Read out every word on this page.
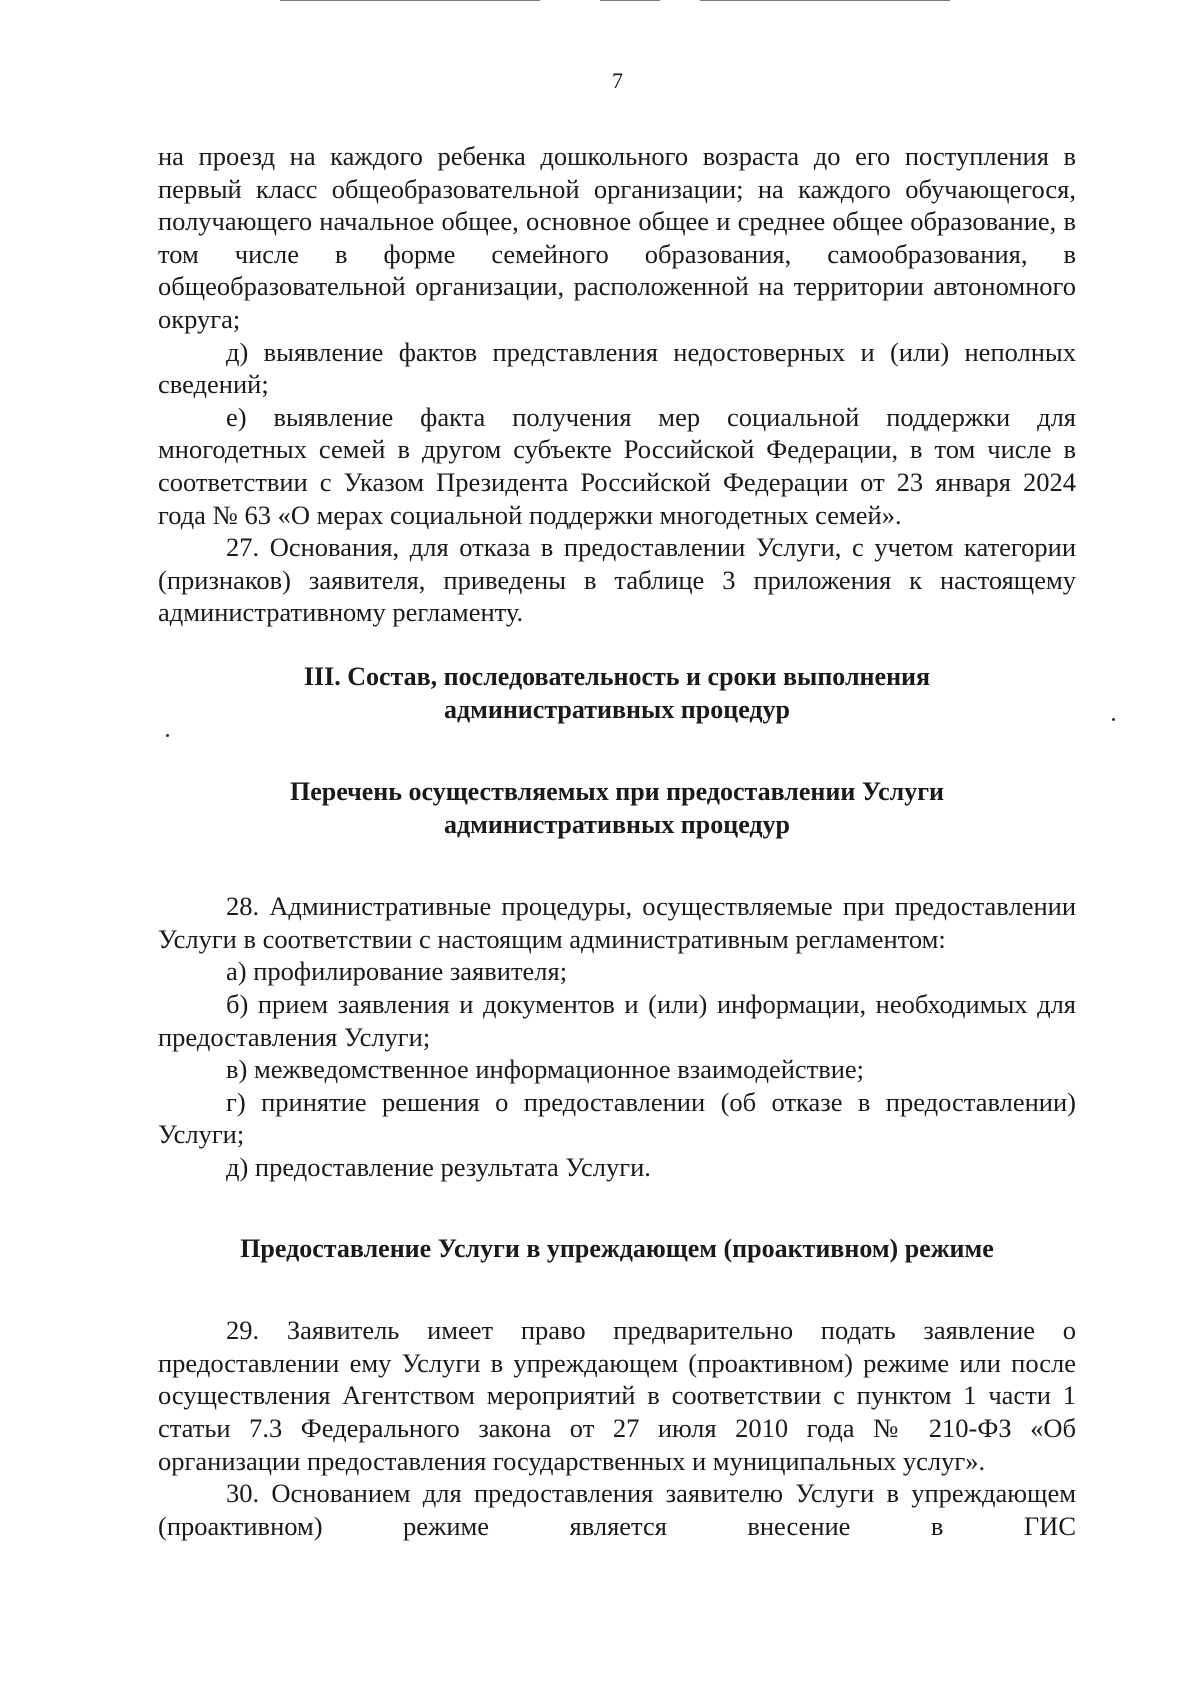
7

на проезд на каждого ребенка дошкольного возраста до его поступления в первый класс общеобразовательной организации; на каждого обучающегося, получающего начальное общее, основное общее и среднее общее образование, в том числе в форме семейного образования, самообразования, в общеобразовательной организации, расположенной на территории автономного округа;

д) выявление фактов представления недостоверных и (или) неполных сведений;

е) выявление факта получения мер социальной поддержки для многодетных семей в другом субъекте Российской Федерации, в том числе в соответствии с Указом Президента Российской Федерации от 23 января 2024 года № 63 «О мерах социальной поддержки многодетных семей».

27. Основания, для отказа в предоставлении Услуги, с учетом категории (признаков) заявителя, приведены в таблице 3 приложения к настоящему административному регламенту.

III. Состав, последовательность и сроки выполнения

административных процедур

Перечень осуществляемых при предоставлении Услуги

административных процедур

28. Административные процедуры, осуществляемые при предоставлении Услуги в соответствии с настоящим административным регламентом:

а) профилирование заявителя;

б) прием заявления и документов и (или) информации, необходимых для предоставления Услуги;

в) межведомственное информационное взаимодействие;

г) принятие решения о предоставлении (об отказе в предоставлении) Услуги;

д) предоставление результата Услуги.

Предоставление Услуги в упреждающем (проактивном) режиме

29. Заявитель имеет право предварительно подать заявление о предоставлении ему Услуги в упреждающем (проактивном) режиме или после осуществления Агентством мероприятий в соответствии с пунктом 1 части 1 статьи 7.3 Федерального закона от 27 июля 2010 года № 210-ФЗ «Об организации предоставления государственных и муниципальных услуг».

30. Основанием для предоставления заявителю Услуги в упреждающем (проактивном) режиме является внесение в ГИС
